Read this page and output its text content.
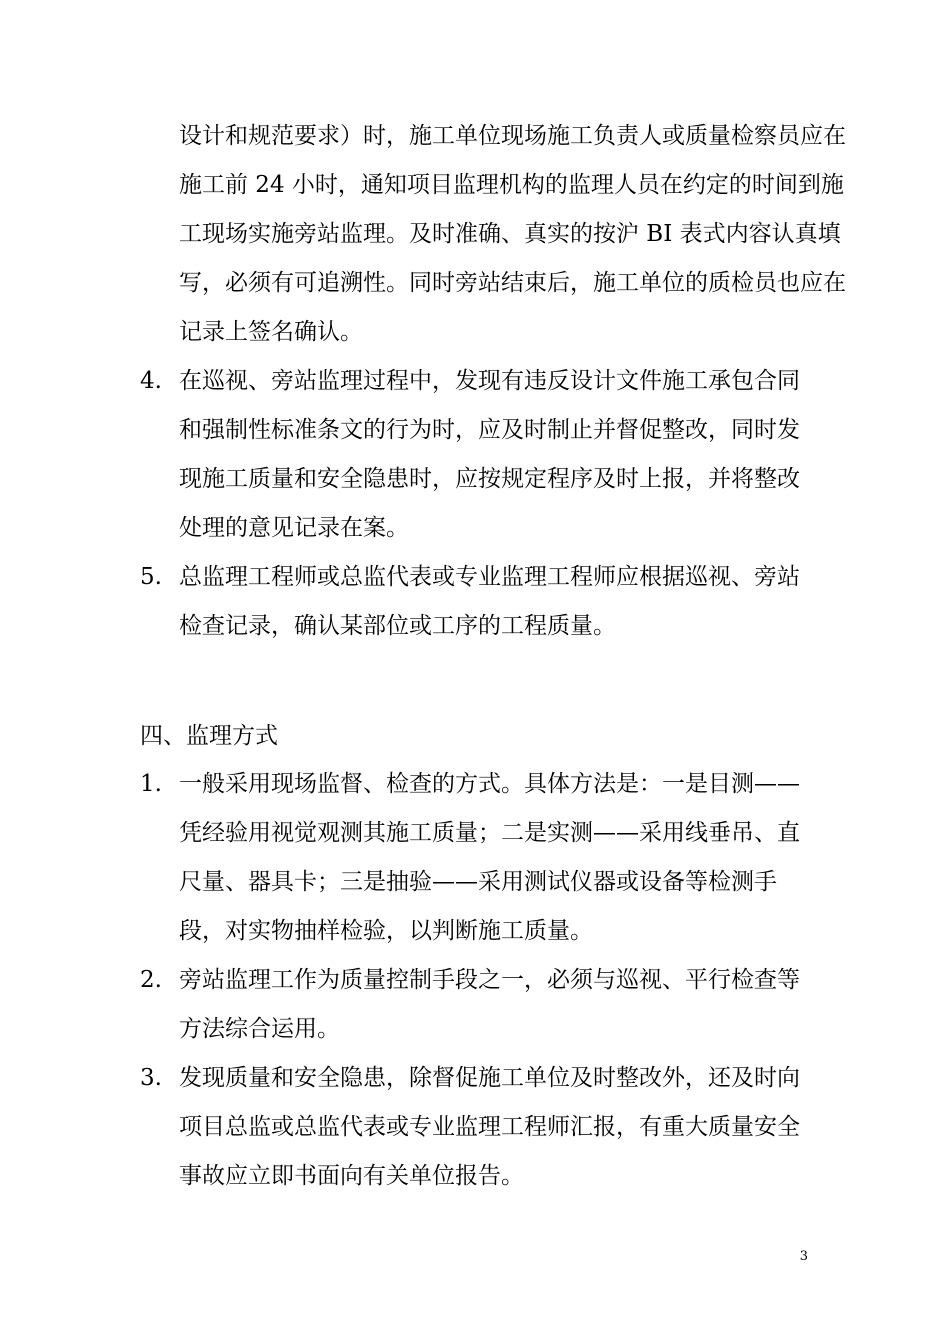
设计和规范要求）时，施工单位现场施工负责人或质量检察员应在施工前 24 小时，通知项目监理机构的监理人员在约定的时间到施工现场实施旁站监理。及时准确、真实的按沪 BI 表式内容认真填写，必须有可追溯性。同时旁站结束后，施工单位的质检员也应在记录上签名确认。
4. 在巡视、旁站监理过程中，发现有违反设计文件施工承包合同和强制性标准条文的行为时，应及时制止并督促整改，同时发现施工质量和安全隐患时，应按规定程序及时上报，并将整改处理的意见记录在案。
5. 总监理工程师或总监代表或专业监理工程师应根据巡视、旁站检查记录，确认某部位或工序的工程质量。
四、监理方式
1. 一般采用现场监督、检查的方式。具体方法是：一是目测——凭经验用视觉观测其施工质量；二是实测——采用线垂吊、直尺量、器具卡；三是抽验——采用测试仪器或设备等检测手段，对实物抽样检验，以判断施工质量。
2. 旁站监理工作为质量控制手段之一，必须与巡视、平行检查等方法综合运用。
3. 发现质量和安全隐患，除督促施工单位及时整改外，还及时向项目总监或总监代表或专业监理工程师汇报，有重大质量安全事故应立即书面向有关单位报告。
3
